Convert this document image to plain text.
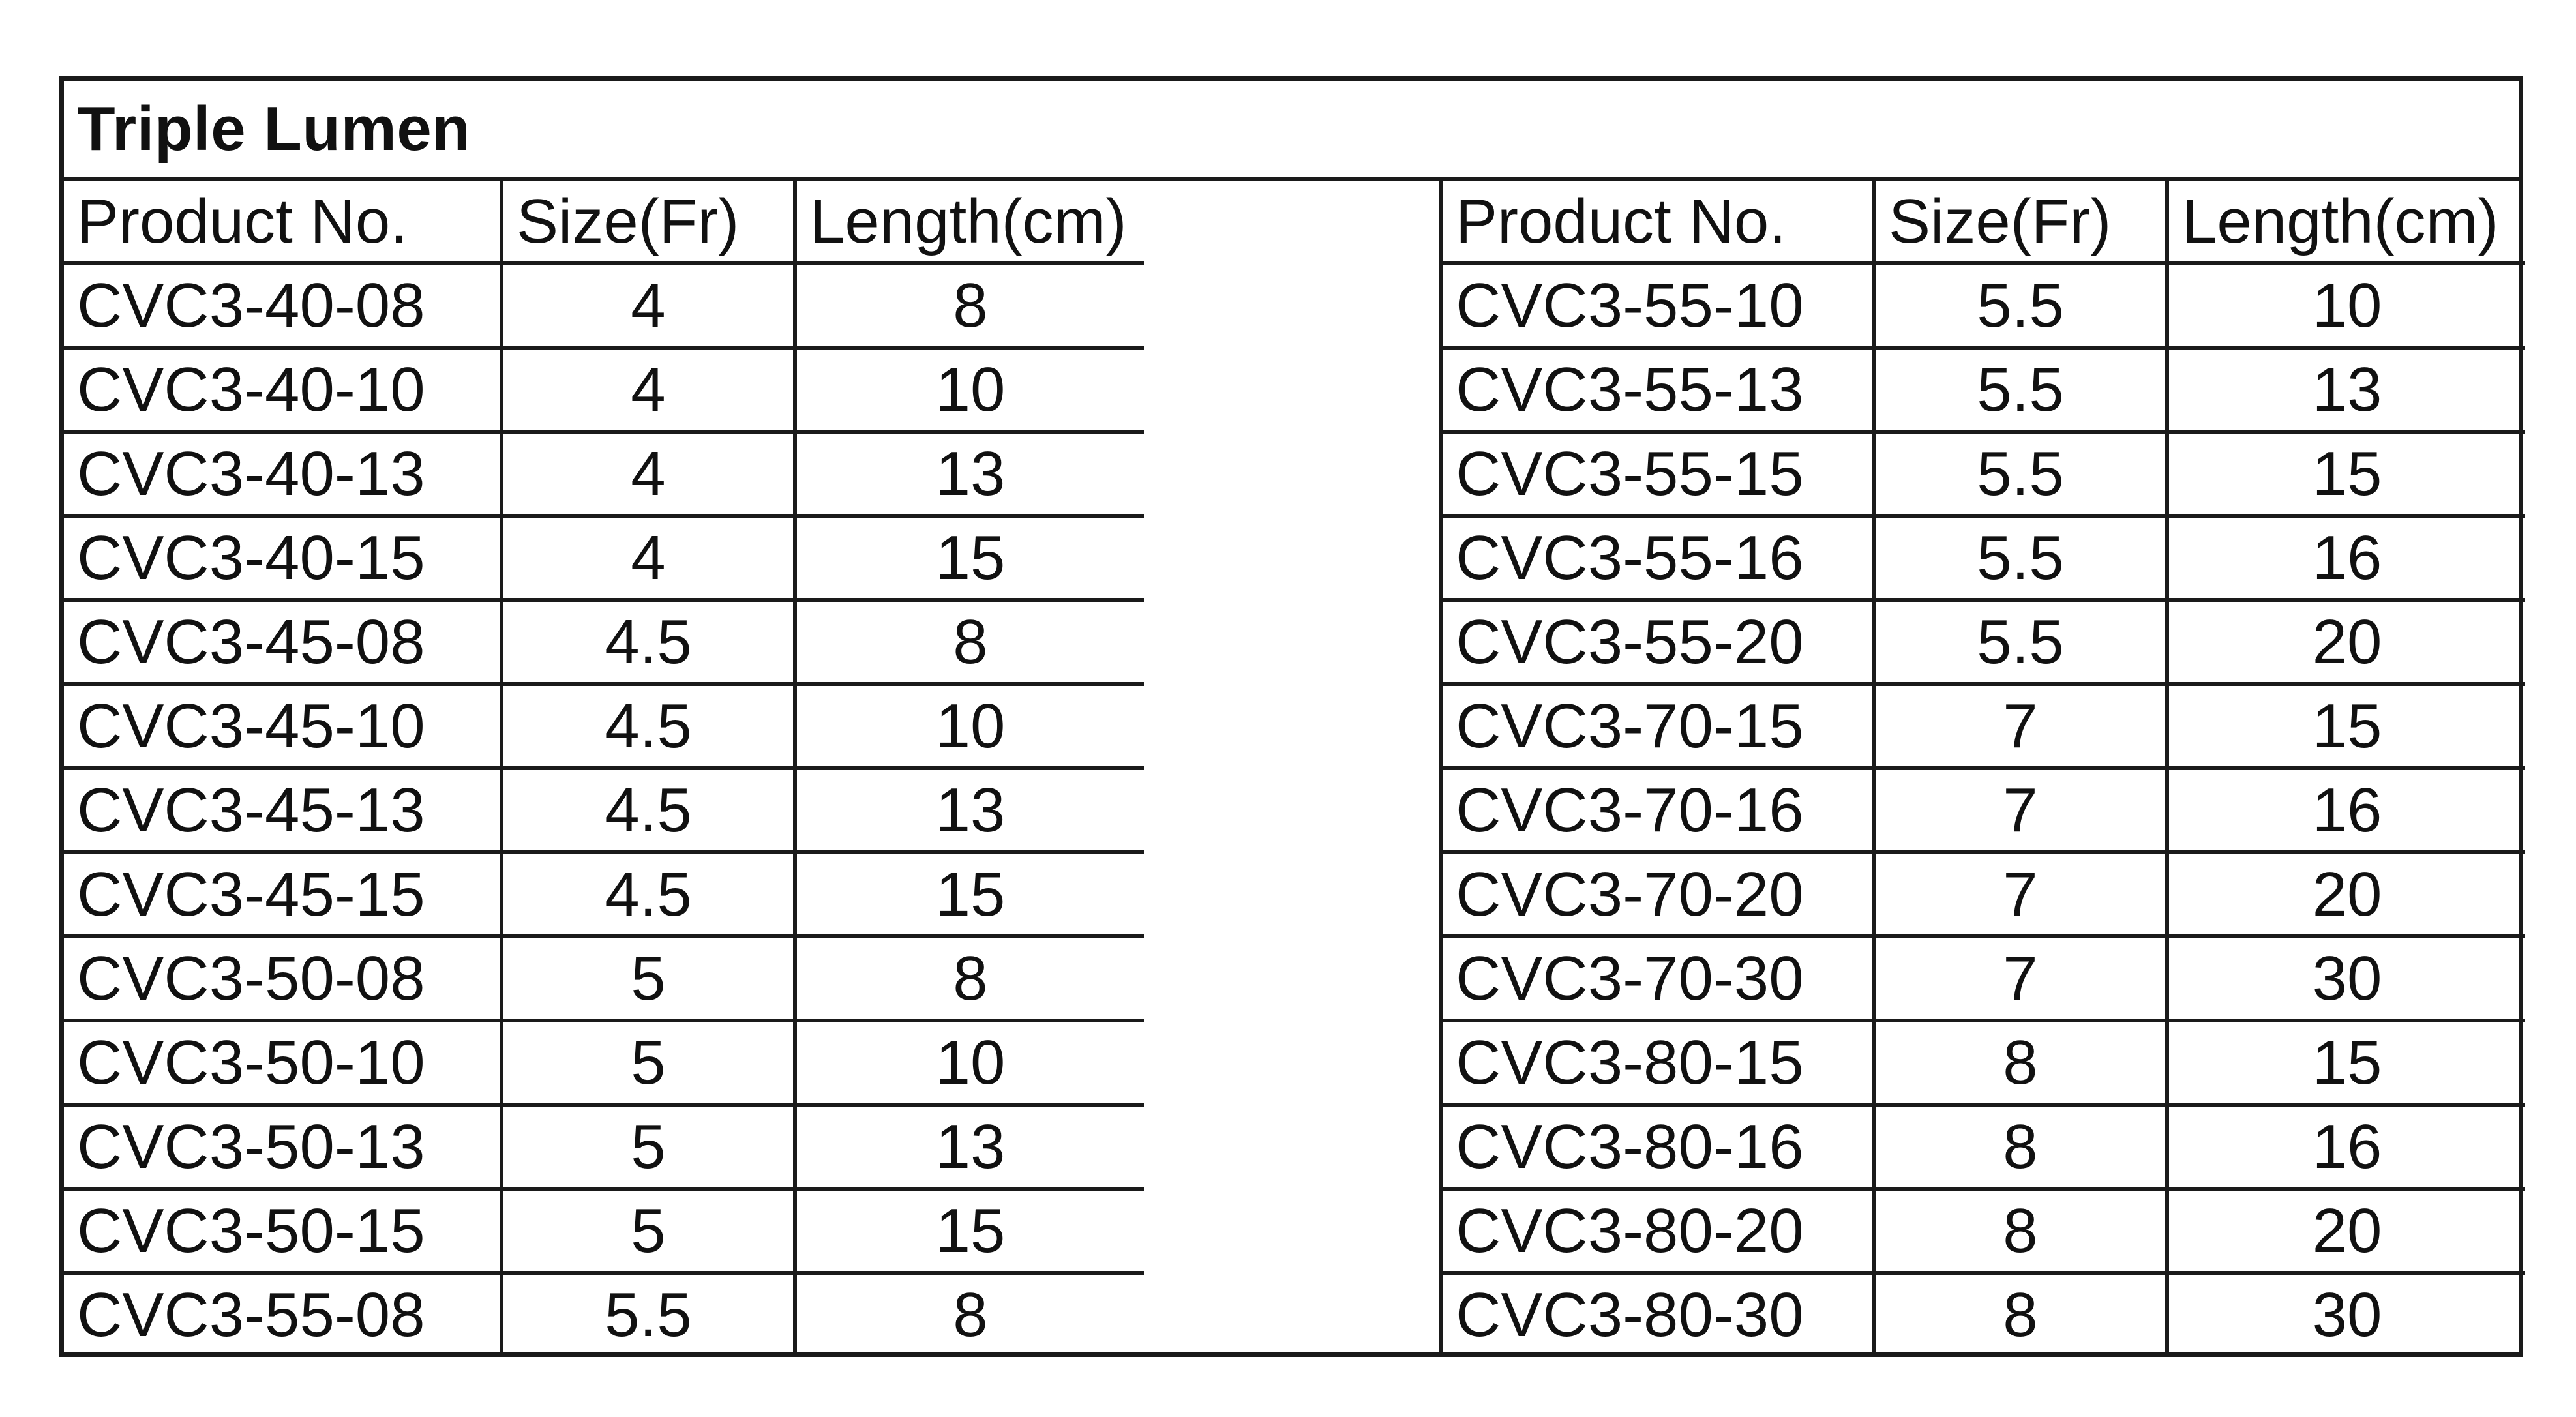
Triple Lumen
Product No.	Size(Fr)	Length(cm)
CVC3-40-08	4	8
CVC3-40-10	4	10
CVC3-40-13	4	13
CVC3-40-15	4	15
CVC3-45-08	4.5	8
CVC3-45-10	4.5	10
CVC3-45-13	4.5	13
CVC3-45-15	4.5	15
CVC3-50-08	5	8
CVC3-50-10	5	10
CVC3-50-13	5	13
CVC3-50-15	5	15
CVC3-55-08	5.5	8
Product No.	Size(Fr)	Length(cm)
CVC3-55-10	5.5	10
CVC3-55-13	5.5	13
CVC3-55-15	5.5	15
CVC3-55-16	5.5	16
CVC3-55-20	5.5	20
CVC3-70-15	7	15
CVC3-70-16	7	16
CVC3-70-20	7	20
CVC3-70-30	7	30
CVC3-80-15	8	15
CVC3-80-16	8	16
CVC3-80-20	8	20
CVC3-80-30	8	30
